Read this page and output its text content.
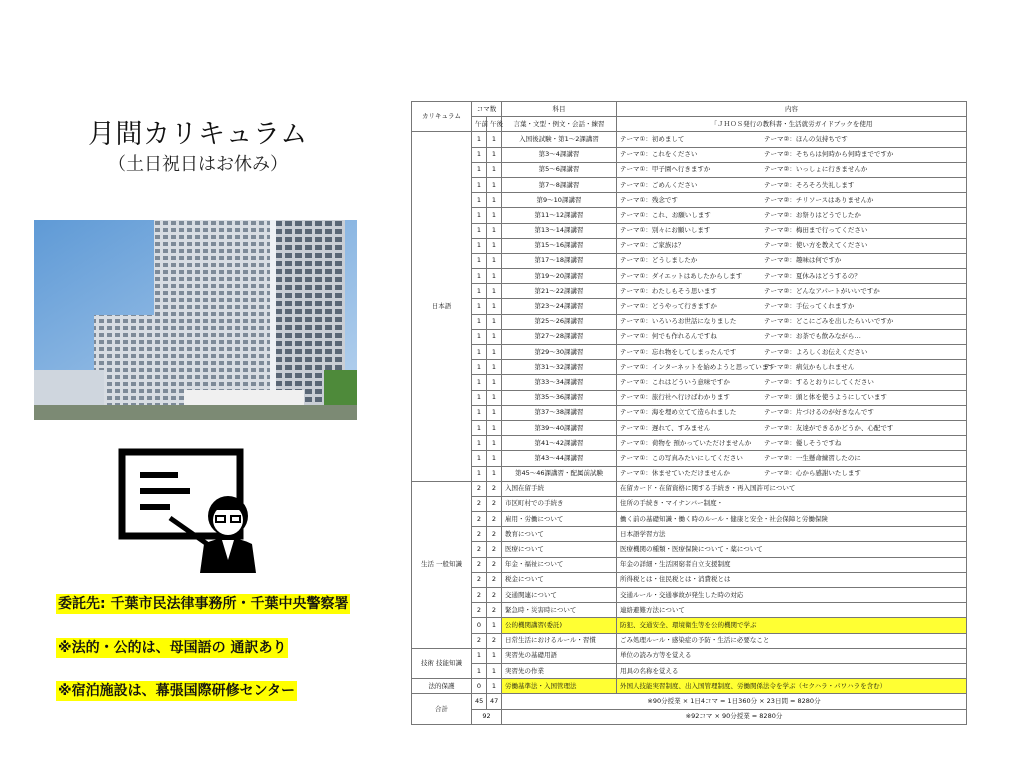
月間カリキュラム
（土日祝日はお休み）
委託先: 千葉市民法律事務所・千葉中央警察署
※法的・公的は、母国語の 通訳あり
※宿泊施設は、幕張国際研修センター
カリキュラム	コマ数		科目	内容
	午前	午後	言葉・文型・例文・会話・練習	「ＪＨＯＳ発行の教科書・生活就労ガイドブックを使用
日本語	1	1	入国後試験・第1～2課講習	テーマ①：初めまして テーマ②：ほんの気持ちです
	1	1	第3～4課講習	テーマ①：これをください テーマ②：そちらは何時から何時までですか
	1	1	第5～6課講習	テーマ①：甲子園へ行きますか テーマ②：いっしょに行きませんか
	1	1	第7～8課講習	テーマ①：ごめんください テーマ②：そろそろ失礼します
	1	1	第9～10課講習	テーマ①：残念です テーマ②：チリソースはありませんか
	1	1	第11～12課講習	テーマ①：これ、お願いします テーマ②：お祭りはどうでしたか
	1	1	第13～14課講習	テーマ①：別々にお願いします テーマ②：梅田まで行ってください
	1	1	第15～16課講習	テーマ①：ご家族は？ テーマ②：使い方を教えてください
	1	1	第17～18課講習	テーマ①：どうしましたか テーマ②：趣味は何ですか
	1	1	第19～20課講習	テーマ①：ダイエットはあしたからします テーマ②：夏休みはどうするの？
	1	1	第21～22課講習	テーマ①：わたしもそう思います テーマ②：どんなアパートがいいですか
	1	1	第23～24課講習	テーマ①：どうやって行きますか テーマ②：手伝ってくれますか
	1	1	第25～26課講習	テーマ①：いろいろお世話になりました テーマ②：どこにごみを出したらいいですか
	1	1	第27～28課講習	テーマ①：何でも作れるんですね テーマ②：お茶でも飲みながら…
	1	1	第29～30課講習	テーマ①：忘れ物をしてしまったんです テーマ②：よろしくお伝えください
	1	1	第31～32課講習	テーマ①：インターネットを始めようと思っていますテーマ②：病気かもしれません
	1	1	第33～34課講習	テーマ①：これはどういう意味ですか テーマ②：するとおりにしてください
	1	1	第35～36課講習	テーマ①：旅行社へ行けばわかります テーマ②：頭と体を使うようにしています
	1	1	第37～38課講習	テーマ①：海を埋め立てて造られました テーマ②：片づけるのが好きなんです
	1	1	第39～40課講習	テーマ①：遅れて、すみません テーマ②：友達ができるかどうか、心配です
	1	1	第41～42課講習	テーマ①：荷物を 預かっていただけませんか テーマ②：優しそうですね
	1	1	第43～44課講習	テーマ①：この写真みたいにしてください テーマ②：一生懸命練習したのに
	1	1	第45～46課講習・配属前試験	テーマ①：休ませていただけませんか テーマ②：心から感謝いたします
生活 一般知識	2	2	入国在留手続	在留カード・在留資格に関する手続き・再入国許可について
	2	2	市区町村での手続き	住所の手続き・マイナンバー制度・
	2	2	雇用・労働について	働く前の基礎知識・働く時のルール・健康と安全・社会保障と労働保険
	2	2	教育について	日本語学習方法
	2	2	医療について	医療機関の種類・医療保険について・薬について
	2	2	年金・福祉について	年金の詳細・生活困窮者自立支援制度
	2	2	税金について	所得税とは・住民税とは・消費税とは
	2	2	交通関連について	交通ルール・交通事故が発生した時の対応
	2	2	緊急時・災害時について	連絡避難方法について
	0	1	公的機関講習(委託)	防犯、交通安全、環境衛生等を公的機関で学ぶ
	2	2	日常生活におけるルール・習慣	ごみ処理ルール・感染症の予防・生活に必要なこと
技術 技能知識	1	1	実習先の基礎用語	単位の読み方等を覚える
	1	1	実習先の作業	用具の名称を覚える
法的保護	0	1	労働基準法・入国管理法	外国人技能実習制度、出入国管理制度、労働関係法令を学ぶ（セクハラ・パワハラを含む）
合計	45	47	※90分授業 × 1日4コマ = 1日360分 × 23日間 = 8280分	
	92		※92コマ × 90分授業 = 8280分	
